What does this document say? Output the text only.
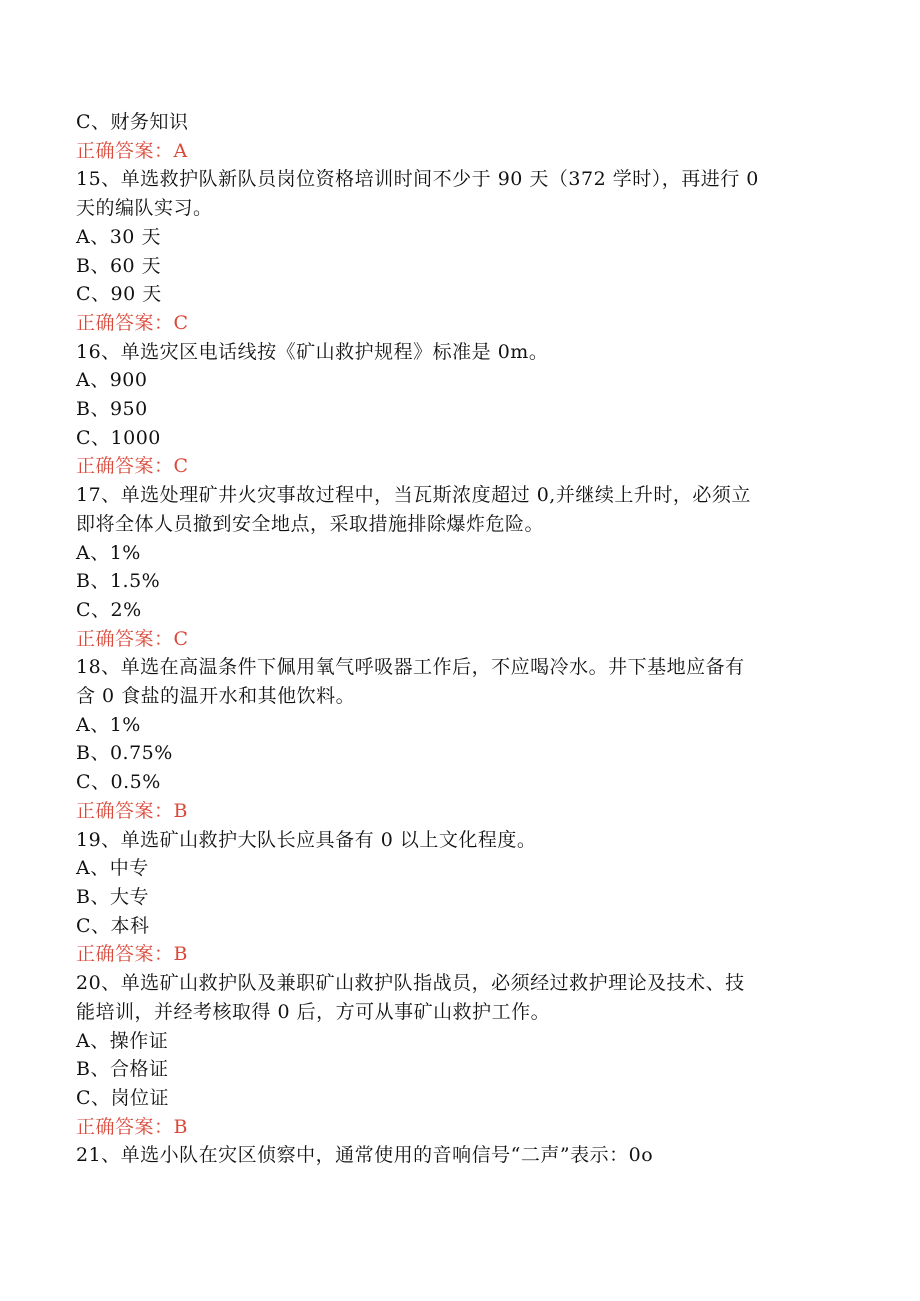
C、财务知识
正确答案：A
15、单选救护队新队员岗位资格培训时间不少于 90 天（372 学时），再进行 0
天的编队实习。
A、30 天
B、60 天
C、90 天
正确答案：C
16、单选灾区电话线按《矿山救护规程》标准是 0m。
A、900
B、950
C、1000
正确答案：C
17、单选处理矿井火灾事故过程中，当瓦斯浓度超过 0,并继续上升时，必须立
即将全体人员撤到安全地点，采取措施排除爆炸危险。
A、1%
B、1.5%
C、2%
正确答案：C
18、单选在高温条件下佩用氧气呼吸器工作后，不应喝冷水。井下基地应备有
含 0 食盐的温开水和其他饮料。
A、1%
B、0.75%
C、0.5%
正确答案：B
19、单选矿山救护大队长应具备有 0 以上文化程度。
A、中专
B、大专
C、本科
正确答案：B
20、单选矿山救护队及兼职矿山救护队指战员，必须经过救护理论及技术、技
能培训，并经考核取得 0 后，方可从事矿山救护工作。
A、操作证
B、合格证
C、岗位证
正确答案：B
21、单选小队在灾区侦察中，通常使用的音响信号“二声”表示：0o
